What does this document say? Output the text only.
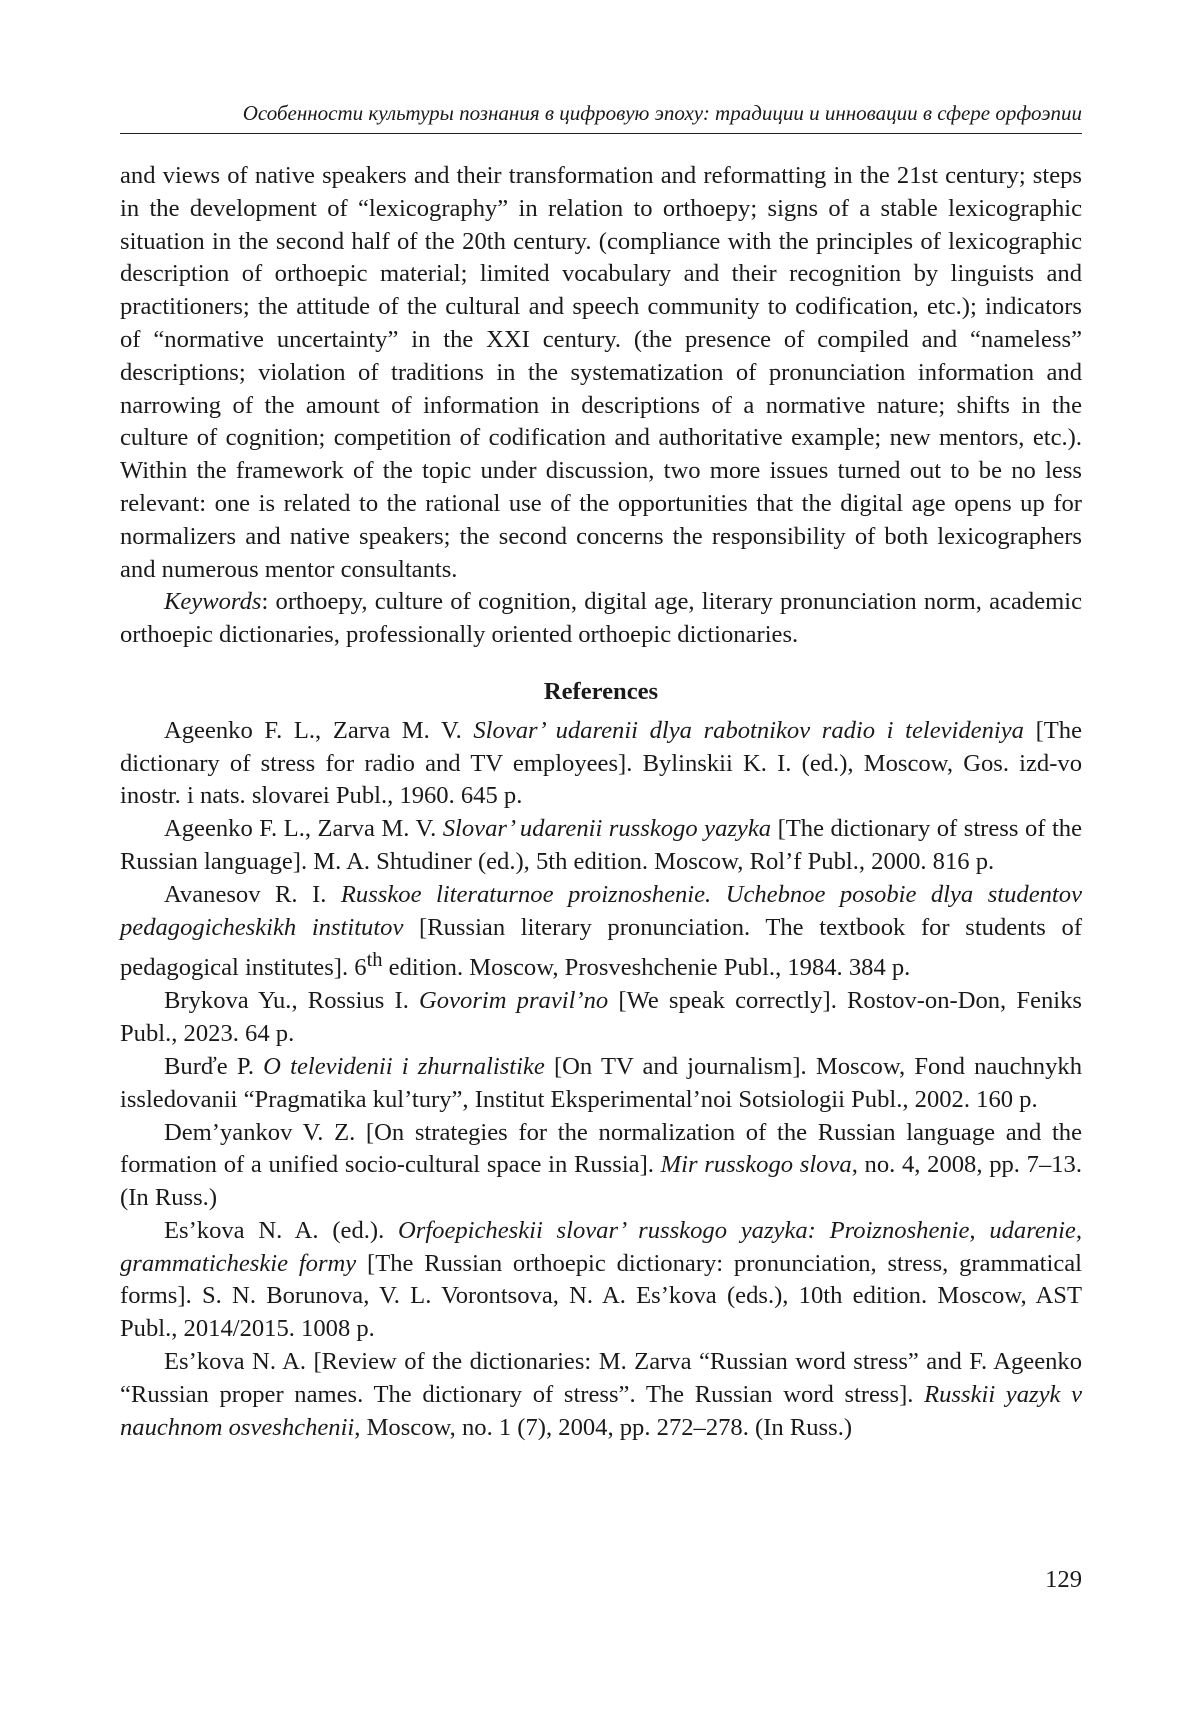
Особенности культуры познания в цифровую эпоху: традиции и инновации в сфере орфоэпии

and views of native speakers and their transformation and reformatting in the 21st century; steps in the development of “lexicography” in relation to orthoepy; signs of a stable lexicographic situation in the second half of the 20th century. (compliance with the principles of lexicographic description of orthoepic material; limited vocabulary and their recognition by linguists and practitioners; the attitude of the cultural and speech community to codification, etc.); indicators of “normative uncertainty” in the XXI century. (the presence of compiled and “nameless” descriptions; violation of traditions in the systematization of pronunciation information and narrowing of the amount of information in descriptions of a normative nature; shifts in the culture of cognition; competition of codification and authoritative example; new mentors, etc.). Within the framework of the topic under discussion, two more issues turned out to be no less relevant: one is related to the rational use of the opportunities that the digital age opens up for normalizers and native speakers; the second concerns the responsibility of both lexicographers and numerous mentor consultants.

Keywords: orthoepy, culture of cognition, digital age, literary pronunciation norm, academic orthoepic dictionaries, professionally oriented orthoepic dictionaries.

References

Ageenko F. L., Zarva M. V. Slovar’ udarenii dlya rabotnikov radio i televideniya [The dictionary of stress for radio and TV employees]. Bylinskii K. I. (ed.), Moscow, Gos. izd-vo inostr. i nats. slovarei Publ., 1960. 645 p.

Ageenko F. L., Zarva M. V. Slovar’ udarenii russkogo yazyka [The dictionary of stress of the Russian language]. M. A. Shtudiner (ed.), 5th edition. Moscow, Rol’f Publ., 2000. 816 p.

Avanesov R. I. Russkoe literaturnoe proiznoshenie. Uchebnoe posobie dlya studentov pedagogicheskikh institutov [Russian literary pronunciation. The textbook for students of pedagogical institutes]. 6th edition. Moscow, Prosveshchenie Publ., 1984. 384 p.

Brykova Yu., Rossius I. Govorim pravil’no [We speak correctly]. Rostov-on-Don, Feniks Publ., 2023. 64 p.

Burďe P. O televidenii i zhurnalistike [On TV and journalism]. Moscow, Fond nauchnykh issledovanii “Pragmatika kul’tury”, Institut Eksperimental’noi Sotsiologii Publ., 2002. 160 p.

Dem’yankov V. Z. [On strategies for the normalization of the Russian language and the formation of a unified socio-cultural space in Russia]. Mir russkogo slova, no. 4, 2008, pp. 7–13. (In Russ.)

Es’kova N. A. (ed.). Orfoepicheskii slovar’ russkogo yazyka: Proiznoshenie, udarenie, grammaticheskie formy [The Russian orthoepic dictionary: pronunciation, stress, grammatical forms]. S. N. Borunova, V. L. Vorontsova, N. A. Es’kova (eds.), 10th edition. Moscow, AST Publ., 2014/2015. 1008 p.

Es’kova N. A. [Review of the dictionaries: M. Zarva “Russian word stress” and F. Ageenko “Russian proper names. The dictionary of stress”. The Russian word stress]. Russkii yazyk v nauchnom osveshchenii, Moscow, no. 1 (7), 2004, pp. 272–278. (In Russ.)

129
